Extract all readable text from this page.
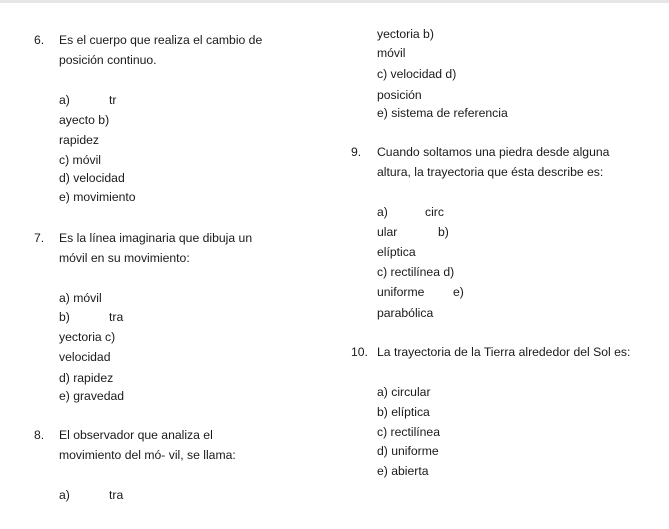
6. Es el cuerpo que realiza el cambio de
posición continuo.
a)	tr
ayecto b)
rapidez
c) móvil
d) velocidad
e) movimiento
7. Es la línea imaginaria que dibuja un
móvil en su movimiento:
a) móvil
b)	tra
yectoria c)
velocidad
d) rapidez
e) gravedad
8. El observador que analiza el
movimiento del mó- vil, se llama:
a)	tra
yectoria b)
móvil
c) velocidad d)
posición
e) sistema de referencia
9. Cuando soltamos una piedra desde alguna
altura, la trayectoria que ésta describe es:
a)	circ
ular	b)
elíptica
c) rectilínea d)
uniforme e)
parabólica
10. La trayectoria de la Tierra alrededor del Sol es:
a) circular
b) elíptica
c) rectilínea
d) uniforme
e) abierta
